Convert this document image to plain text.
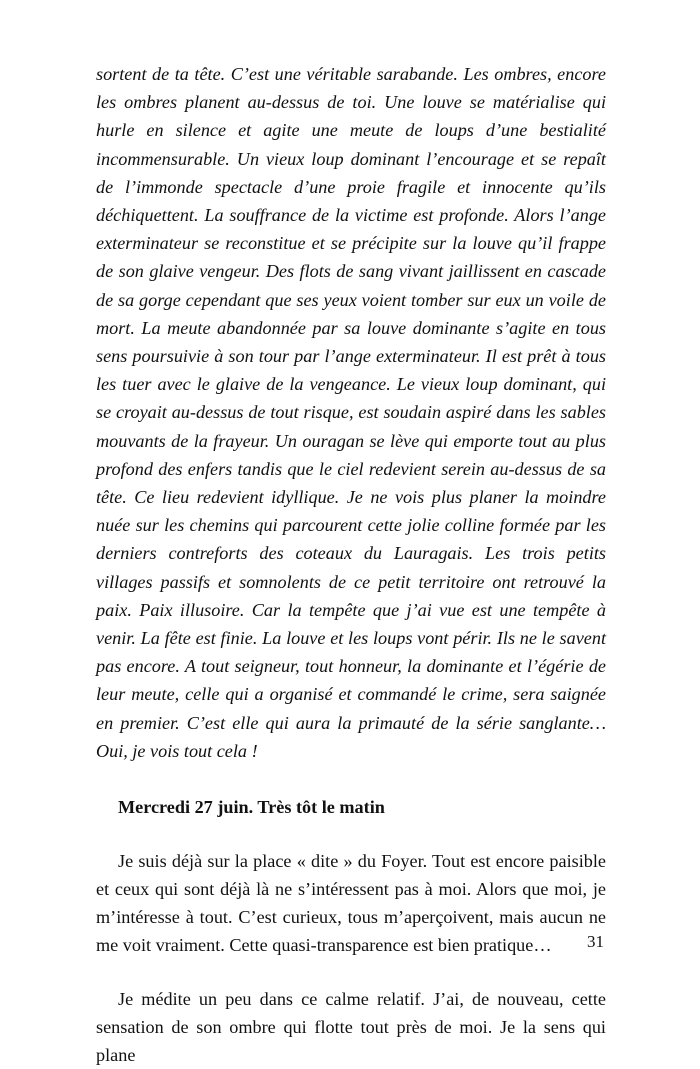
sortent de ta tête. C’est une véritable sarabande. Les ombres, encore les ombres planent au-dessus de toi. Une louve se matérialise qui hurle en silence et agite une meute de loups d’une bestialité incommensurable. Un vieux loup dominant l’encourage et se repaît de l’immonde spectacle d’une proie fragile et innocente qu’ils déchiquettent. La souffrance de la victime est profonde. Alors l’ange exterminateur se reconstitue et se précipite sur la louve qu’il frappe de son glaive vengeur. Des flots de sang vivant jaillissent en cascade de sa gorge cependant que ses yeux voient tomber sur eux un voile de mort. La meute abandonnée par sa louve dominante s’agite en tous sens poursuivie à son tour par l’ange exterminateur. Il est prêt à tous les tuer avec le glaive de la vengeance. Le vieux loup dominant, qui se croyait au-dessus de tout risque, est soudain aspiré dans les sables mouvants de la frayeur. Un ouragan se lève qui emporte tout au plus profond des enfers tandis que le ciel redevient serein au-dessus de sa tête. Ce lieu redevient idyllique. Je ne vois plus planer la moindre nuée sur les chemins qui parcourent cette jolie colline formée par les derniers contreforts des coteaux du Lauragais. Les trois petits villages passifs et somnolents de ce petit territoire ont retrouvé la paix. Paix illusoire. Car la tempête que j’ai vue est une tempête à venir. La fête est finie. La louve et les loups vont périr. Ils ne le savent pas encore. A tout seigneur, tout honneur, la dominante et l’égérie de leur meute, celle qui a organisé et commandé le crime, sera saignée en premier. C’est elle qui aura la primauté de la série sanglante… Oui, je vois tout cela !

Mercredi 27 juin. Très tôt le matin

Je suis déjà sur la place « dite » du Foyer. Tout est encore paisible et ceux qui sont déjà là ne s’intéressent pas à moi. Alors que moi, je m’intéresse à tout. C’est curieux, tous m’aperçoivent, mais aucun ne me voit vraiment. Cette quasi-transparence est bien pratique…

Je médite un peu dans ce calme relatif. J’ai, de nouveau, cette sensation de son ombre qui flotte tout près de moi. Je la sens qui plane

31
